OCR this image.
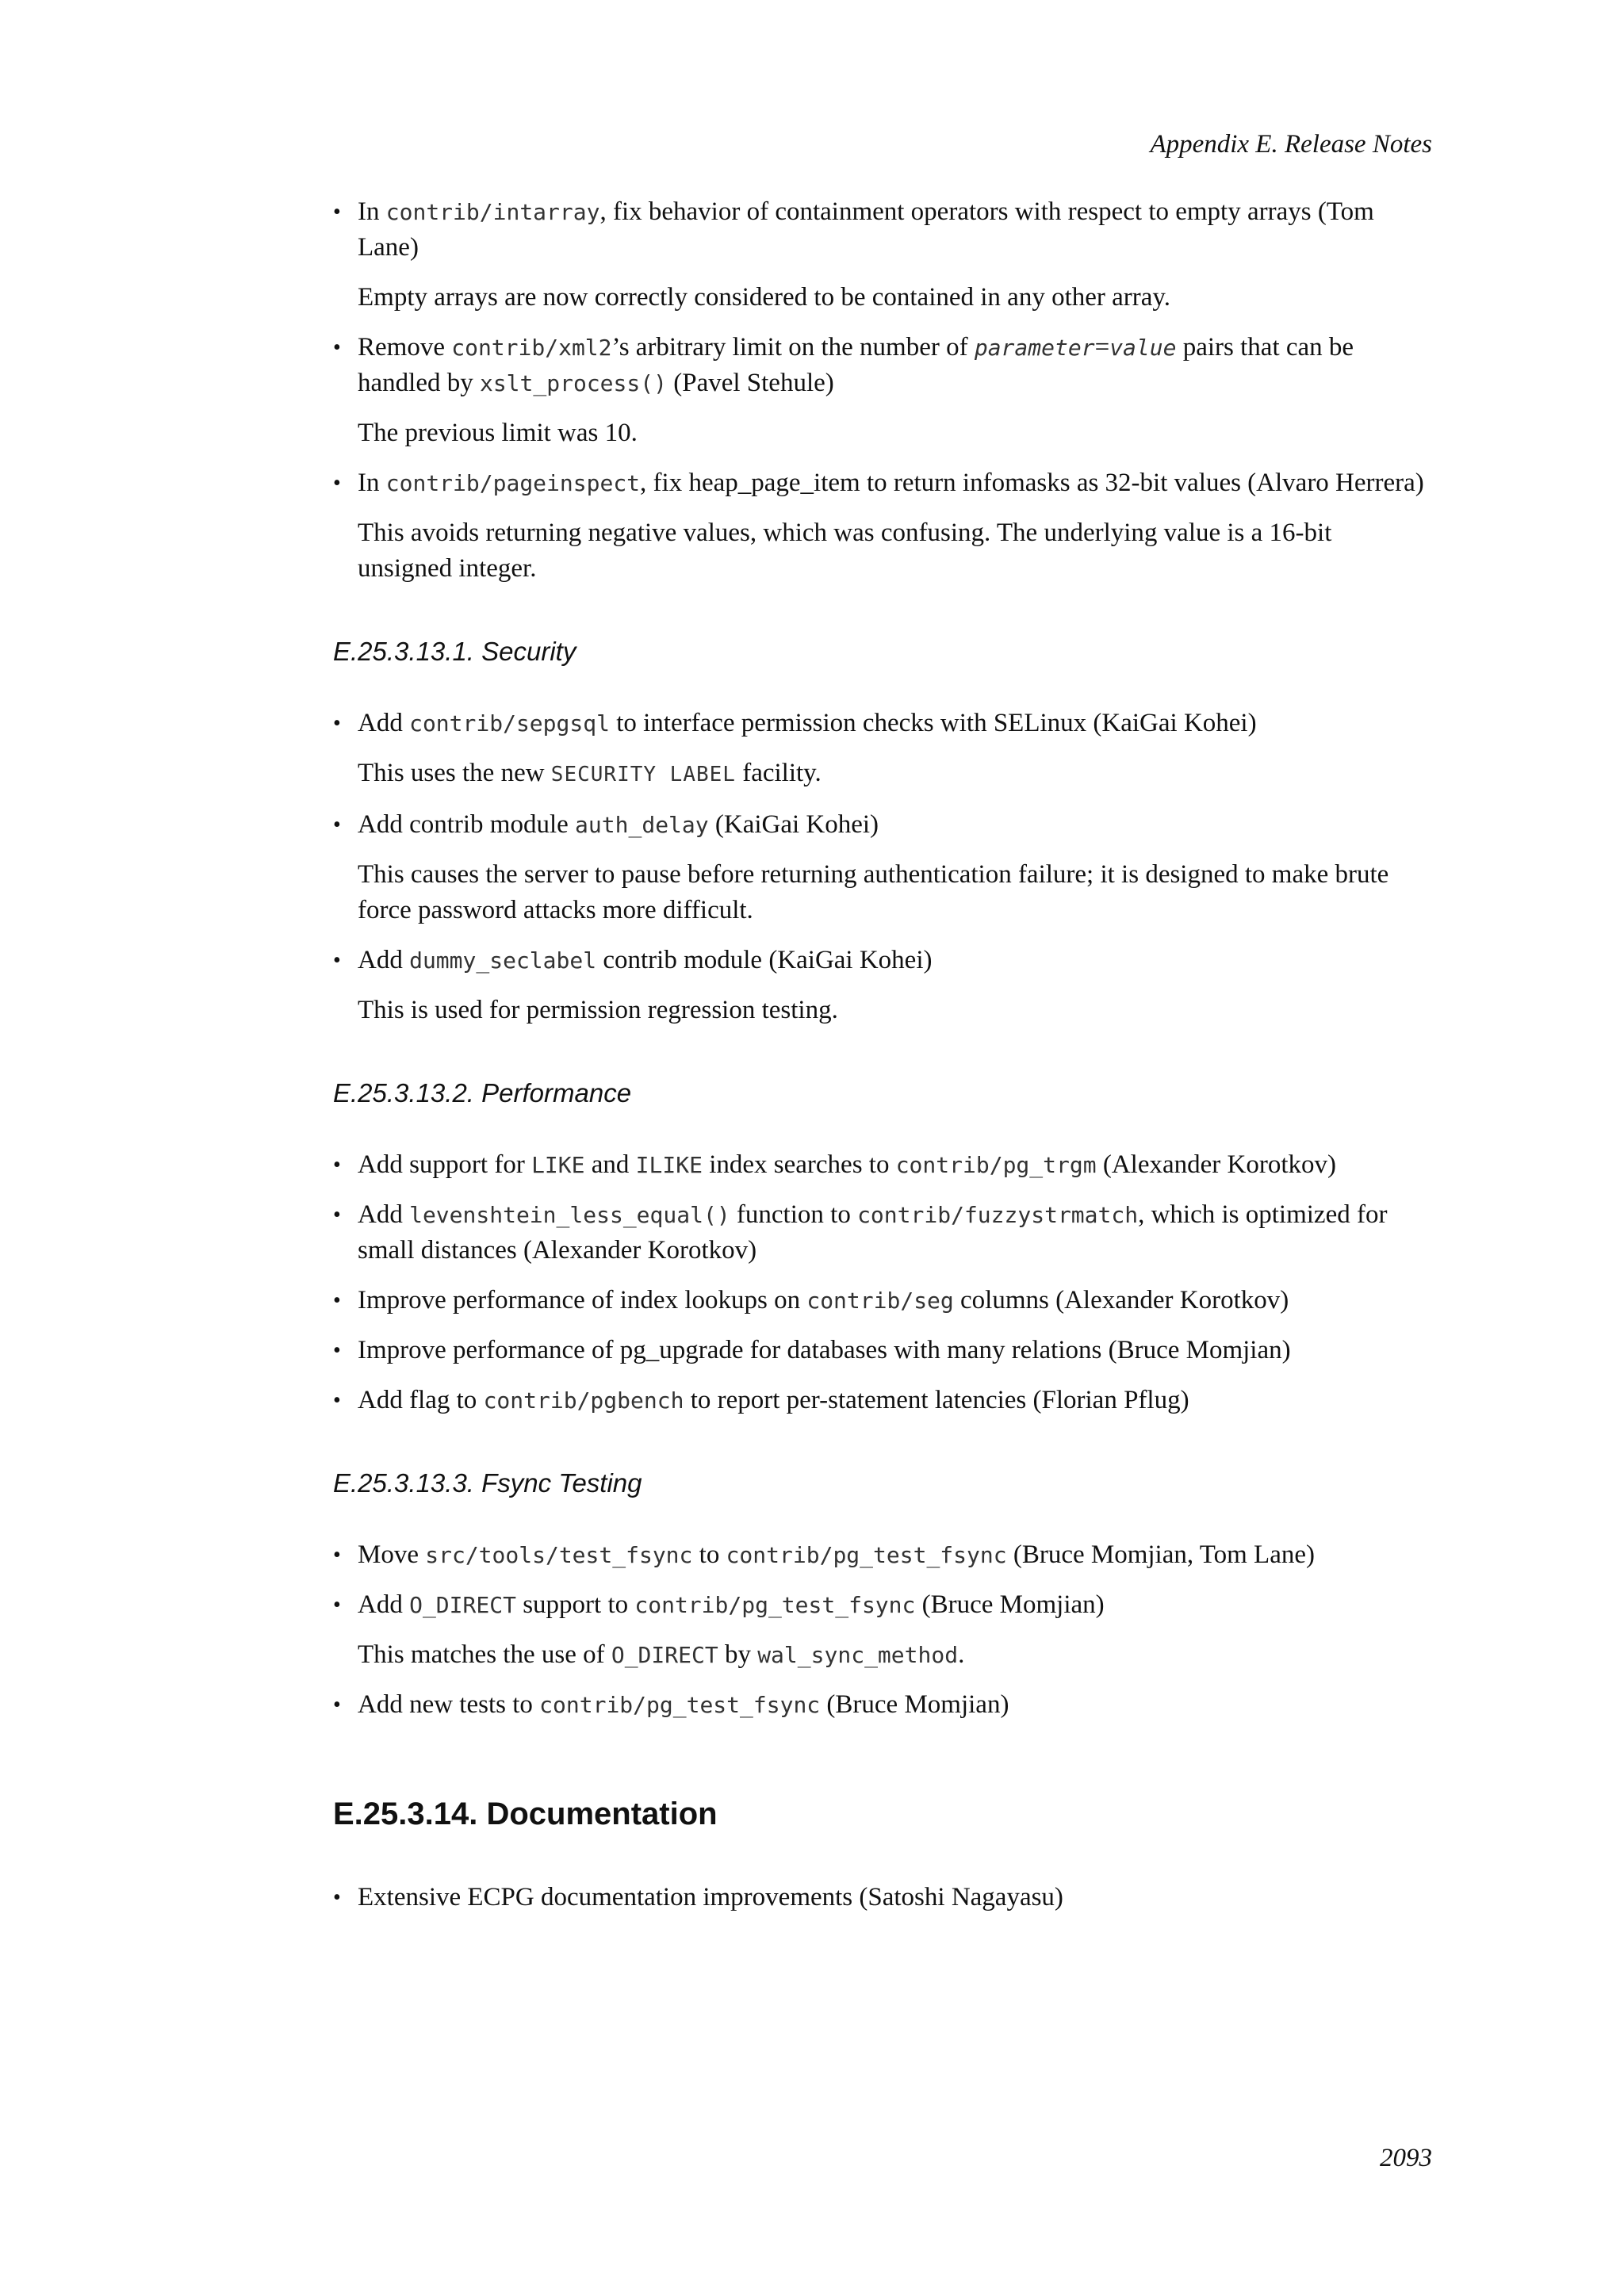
Appendix E. Release Notes
• In contrib/intarray, fix behavior of containment operators with respect to empty arrays (Tom Lane)

Empty arrays are now correctly considered to be contained in any other array.

• Remove contrib/xml2’s arbitrary limit on the number of parameter=value pairs that can be handled by xslt_process() (Pavel Stehule)

The previous limit was 10.

• In contrib/pageinspect, fix heap_page_item to return infomasks as 32-bit values (Alvaro Herrera)

This avoids returning negative values, which was confusing. The underlying value is a 16-bit unsigned integer.

E.25.3.13.1. Security
• Add contrib/sepgsql to interface permission checks with SELinux (KaiGai Kohei)

This uses the new SECURITY LABEL facility.

• Add contrib module auth_delay (KaiGai Kohei)

This causes the server to pause before returning authentication failure; it is designed to make brute force password attacks more difficult.

• Add dummy_seclabel contrib module (KaiGai Kohei)

This is used for permission regression testing.

E.25.3.13.2. Performance
• Add support for LIKE and ILIKE index searches to contrib/pg_trgm (Alexander Korotkov)
• Add levenshtein_less_equal() function to contrib/fuzzystrmatch, which is optimized for small distances (Alexander Korotkov)
• Improve performance of index lookups on contrib/seg columns (Alexander Korotkov)
• Improve performance of pg_upgrade for databases with many relations (Bruce Momjian)
• Add flag to contrib/pgbench to report per-statement latencies (Florian Pflug)
E.25.3.13.3. Fsync Testing
• Move src/tools/test_fsync to contrib/pg_test_fsync (Bruce Momjian, Tom Lane)
• Add O_DIRECT support to contrib/pg_test_fsync (Bruce Momjian)

This matches the use of O_DIRECT by wal_sync_method.

• Add new tests to contrib/pg_test_fsync (Bruce Momjian)
E.25.3.14. Documentation
• Extensive ECPG documentation improvements (Satoshi Nagayasu)
2093
